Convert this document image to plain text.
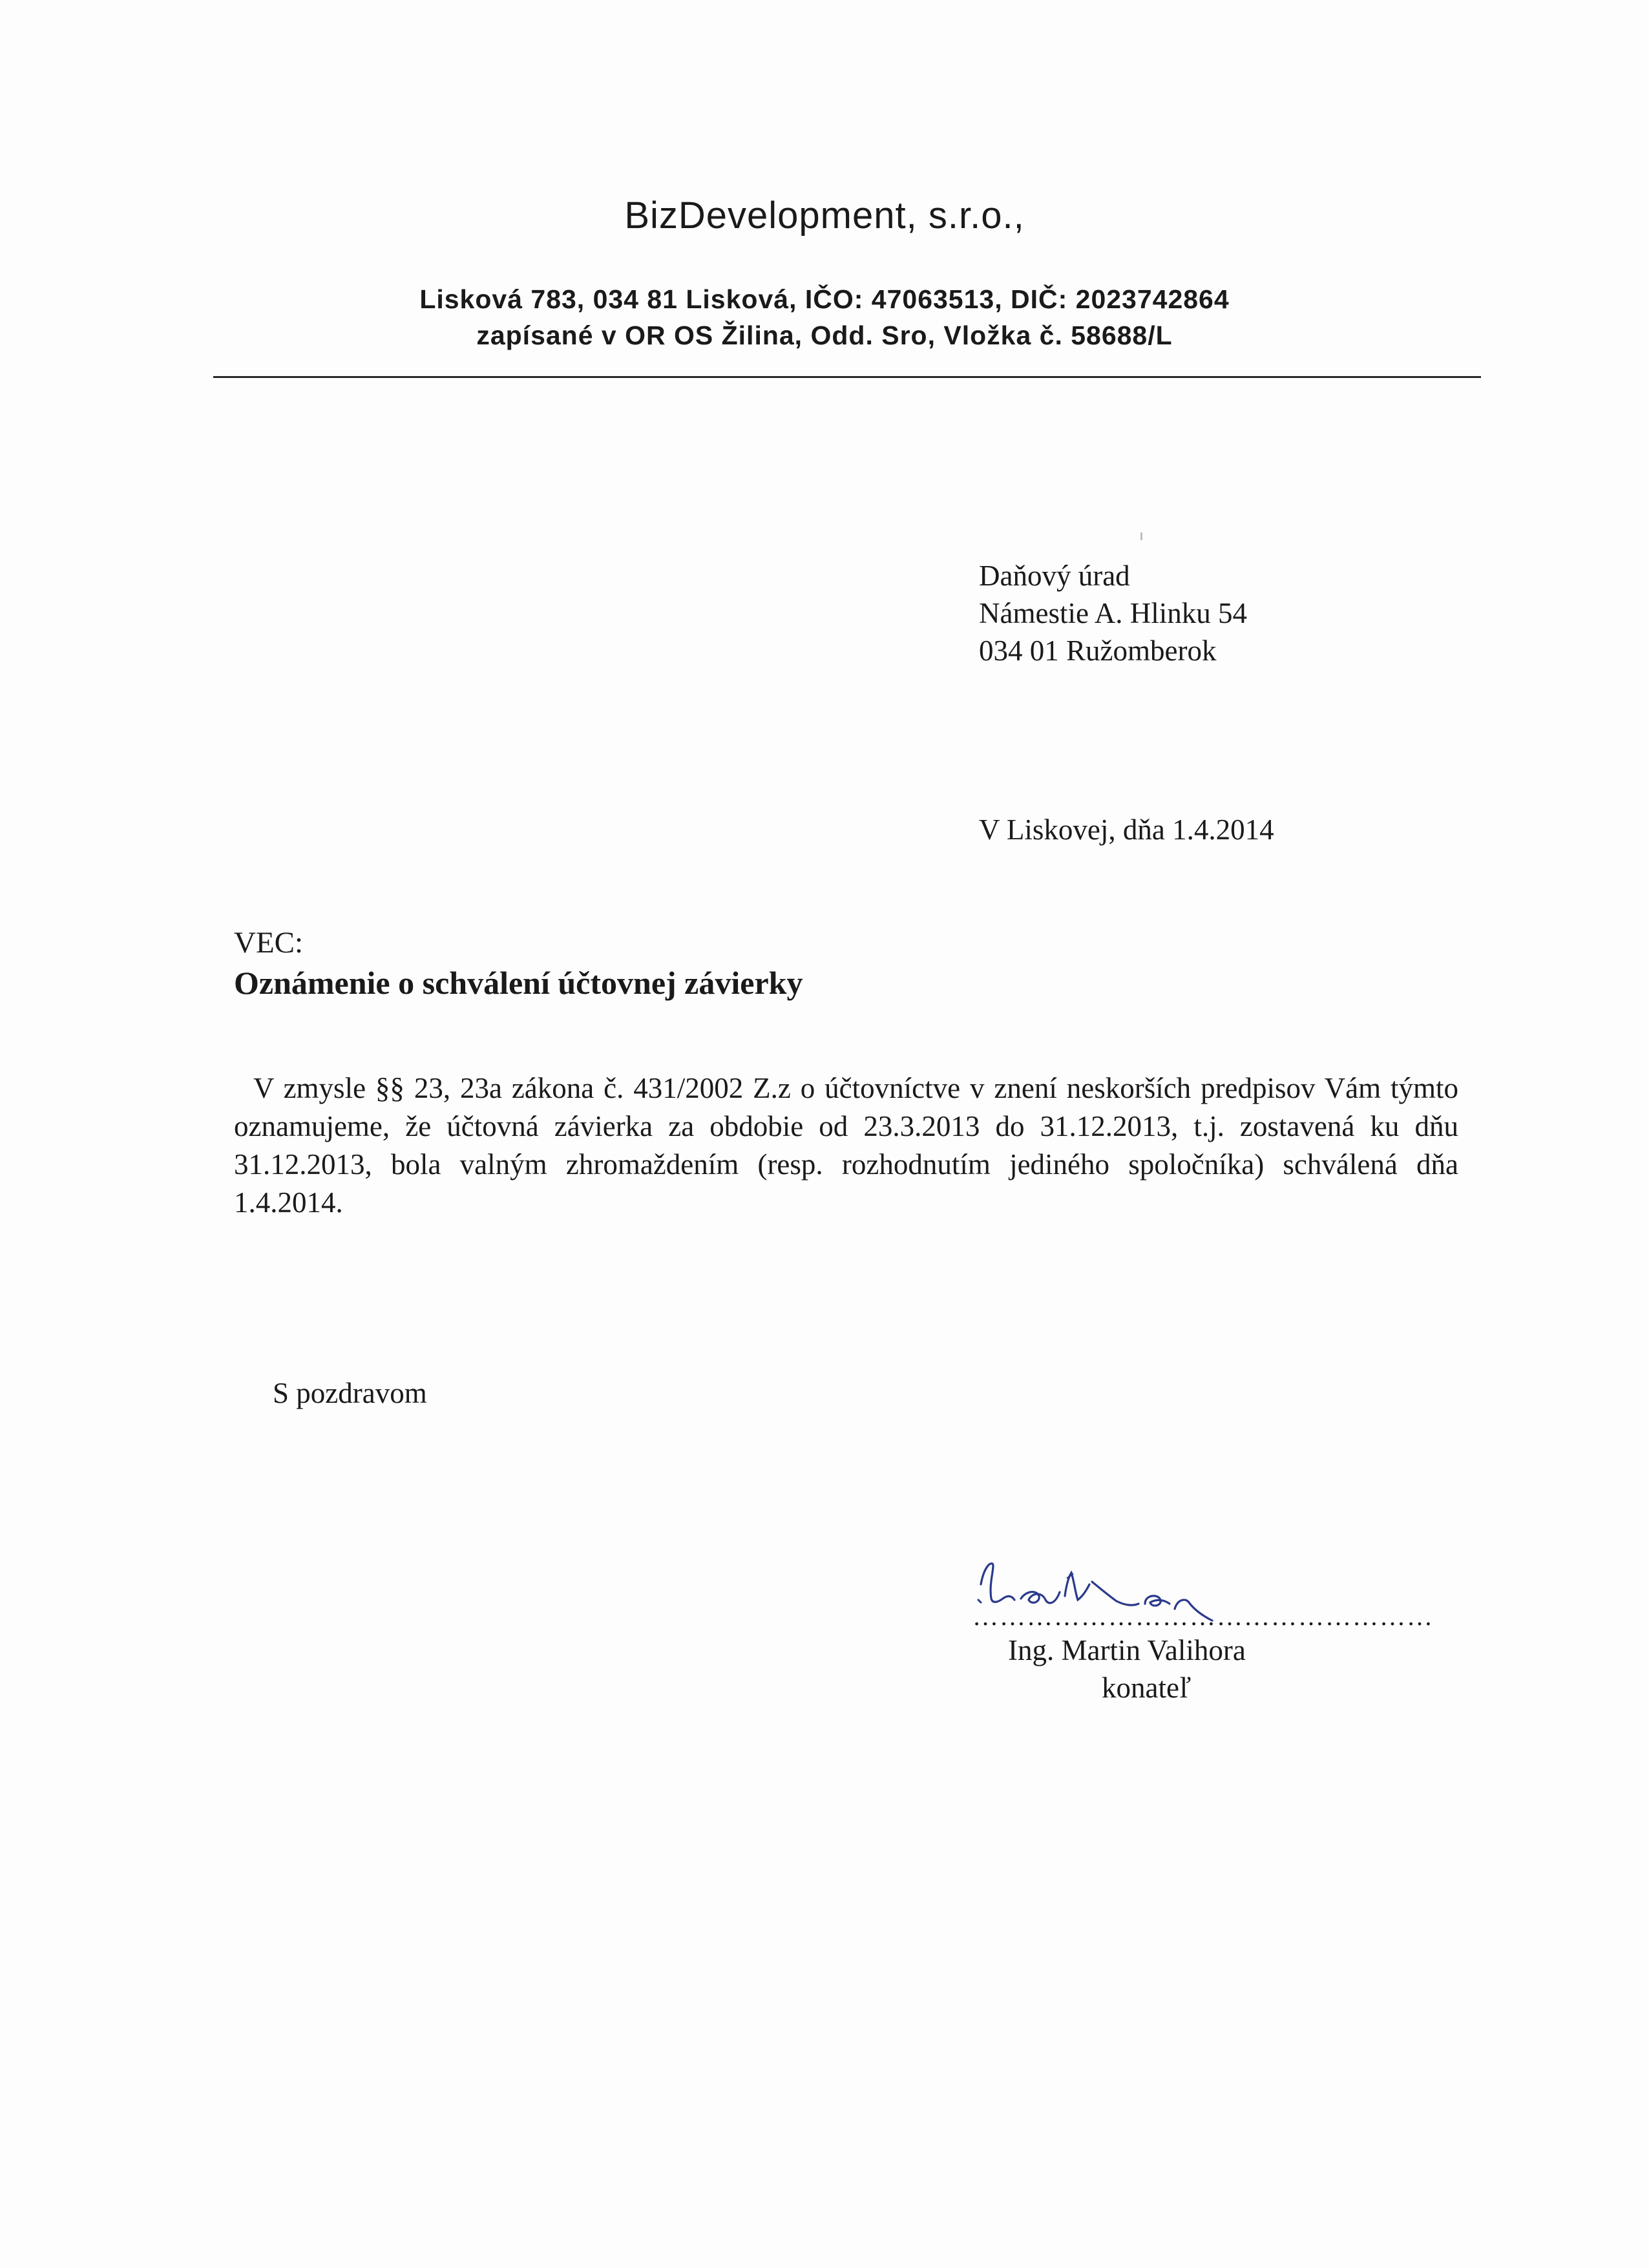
BizDevelopment, s.r.o.,
Lisková 783, 034 81 Lisková, IČO: 47063513, DIČ: 2023742864
zapísané v OR OS Žilina, Odd. Sro, Vložka č. 58688/L
Daňový úrad
Námestie A. Hlinku 54
034 01 Ružomberok
V Liskovej, dňa 1.4.2014
VEC:
Oznámenie o schválení účtovnej závierky
V zmysle §§ 23, 23a zákona č. 431/2002 Z.z o účtovníctve v znení neskorších predpisov Vám týmto oznamujeme, že účtovná závierka za obdobie od 23.3.2013 do 31.12.2013, t.j. zostavená ku dňu 31.12.2013, bola valným zhromaždením (resp. rozhodnutím jediného spoločníka) schválená dňa 1.4.2014.
S pozdravom
……………………………………………
Ing. Martin Valihora
konateľ
